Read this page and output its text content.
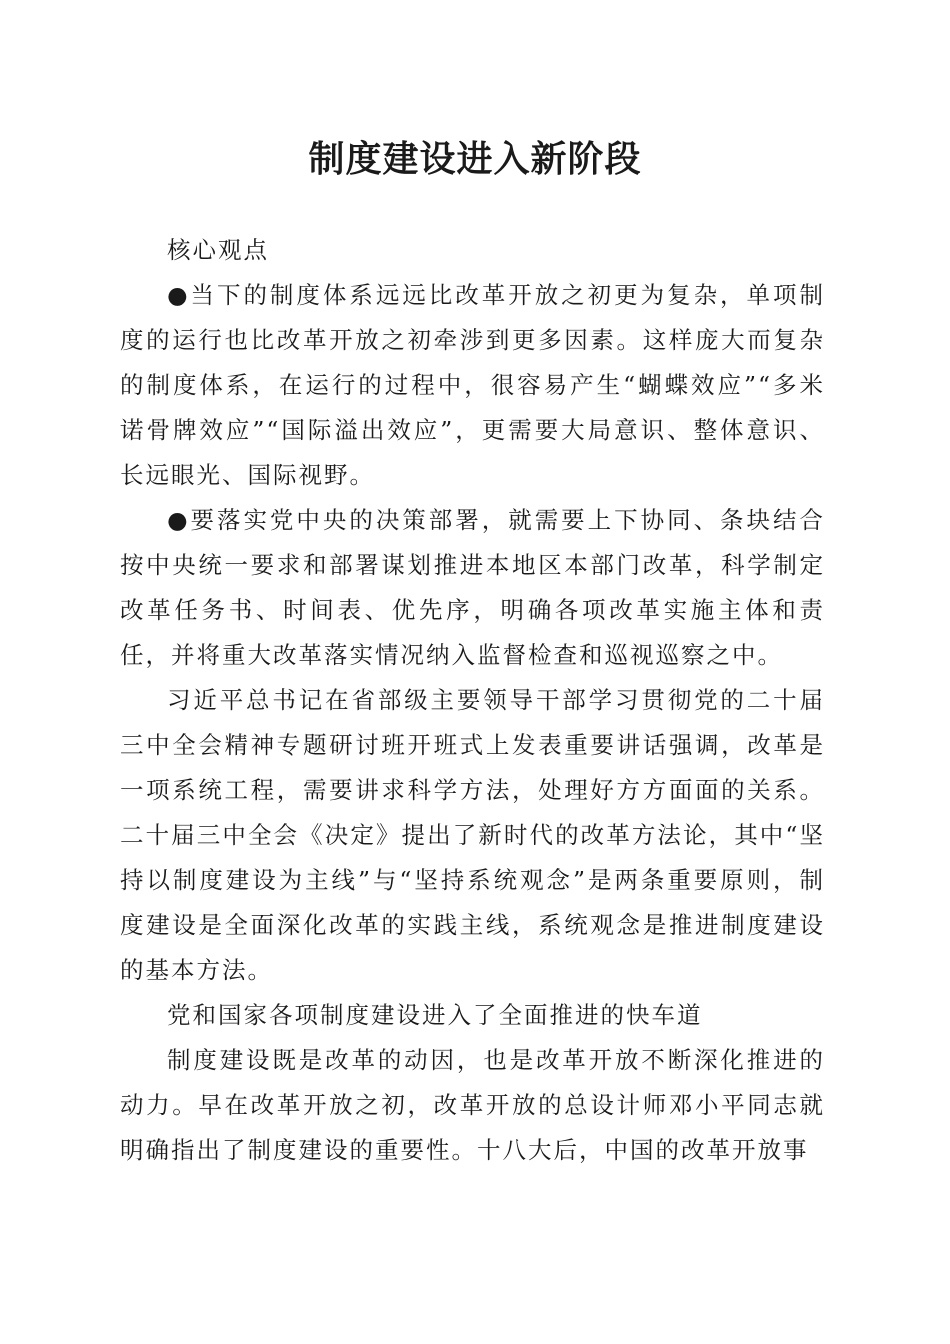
制度建设进入新阶段

核心观点

●当下的制度体系远远比改革开放之初更为复杂，单项制度的运行也比改革开放之初牵涉到更多因素。这样庞大而复杂的制度体系，在运行的过程中，很容易产生“蝴蝶效应”“多米诺骨牌效应”“国际溢出效应”，更需要大局意识、整体意识、长远眼光、国际视野。

●要落实党中央的决策部署，就需要上下协同、条块结合按中央统一要求和部署谋划推进本地区本部门改革，科学制定改革任务书、时间表、优先序，明确各项改革实施主体和责任，并将重大改革落实情况纳入监督检查和巡视巡察之中。

习近平总书记在省部级主要领导干部学习贯彻党的二十届三中全会精神专题研讨班开班式上发表重要讲话强调，改革是一项系统工程，需要讲求科学方法，处理好方方面面的关系。二十届三中全会《决定》提出了新时代的改革方法论，其中“坚持以制度建设为主线”与“坚持系统观念”是两条重要原则，制度建设是全面深化改革的实践主线，系统观念是推进制度建设的基本方法。

党和国家各项制度建设进入了全面推进的快车道

制度建设既是改革的动因，也是改革开放不断深化推进的动力。早在改革开放之初，改革开放的总设计师邓小平同志就明确指出了制度建设的重要性。十八大后，中国的改革开放事
